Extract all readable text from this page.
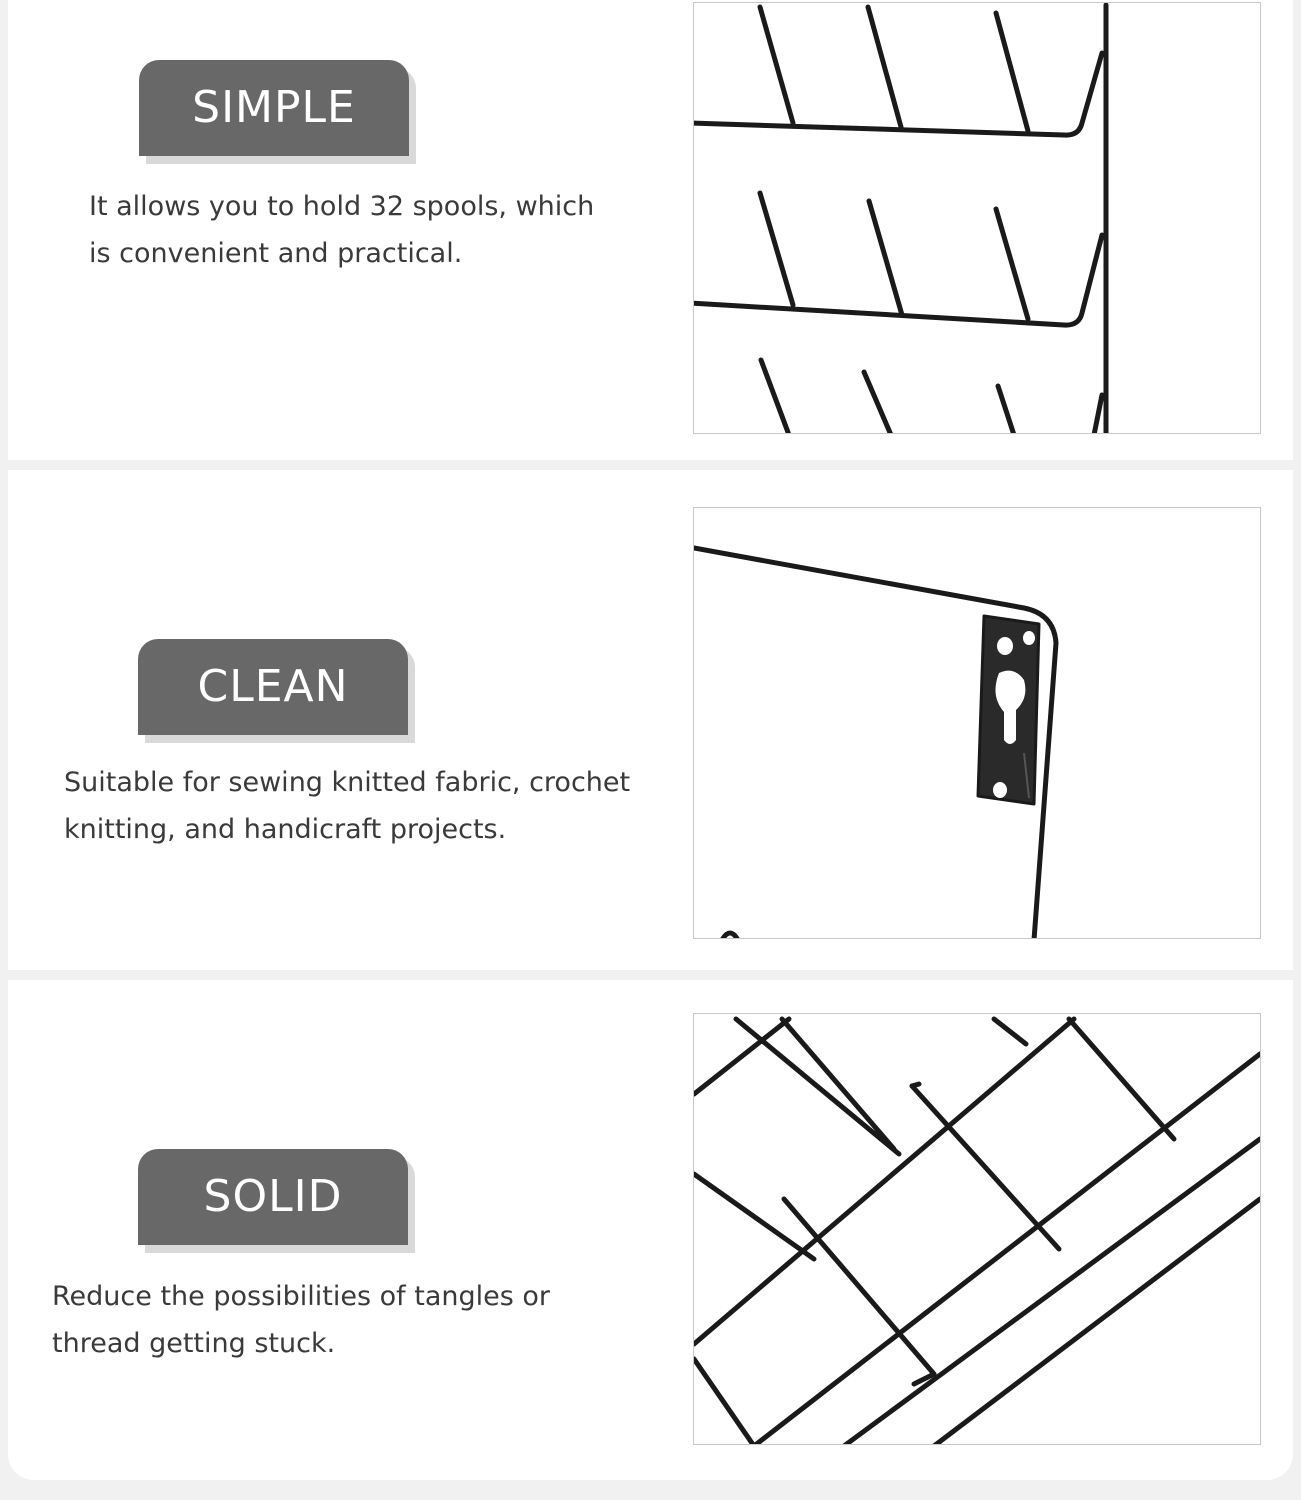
SIMPLE
It allows you to hold 32 spools, which
is convenient and practical.
CLEAN
Suitable for sewing knitted fabric, crochet
knitting, and handicraft projects.
SOLID
Reduce the possibilities of tangles or
thread getting stuck.
